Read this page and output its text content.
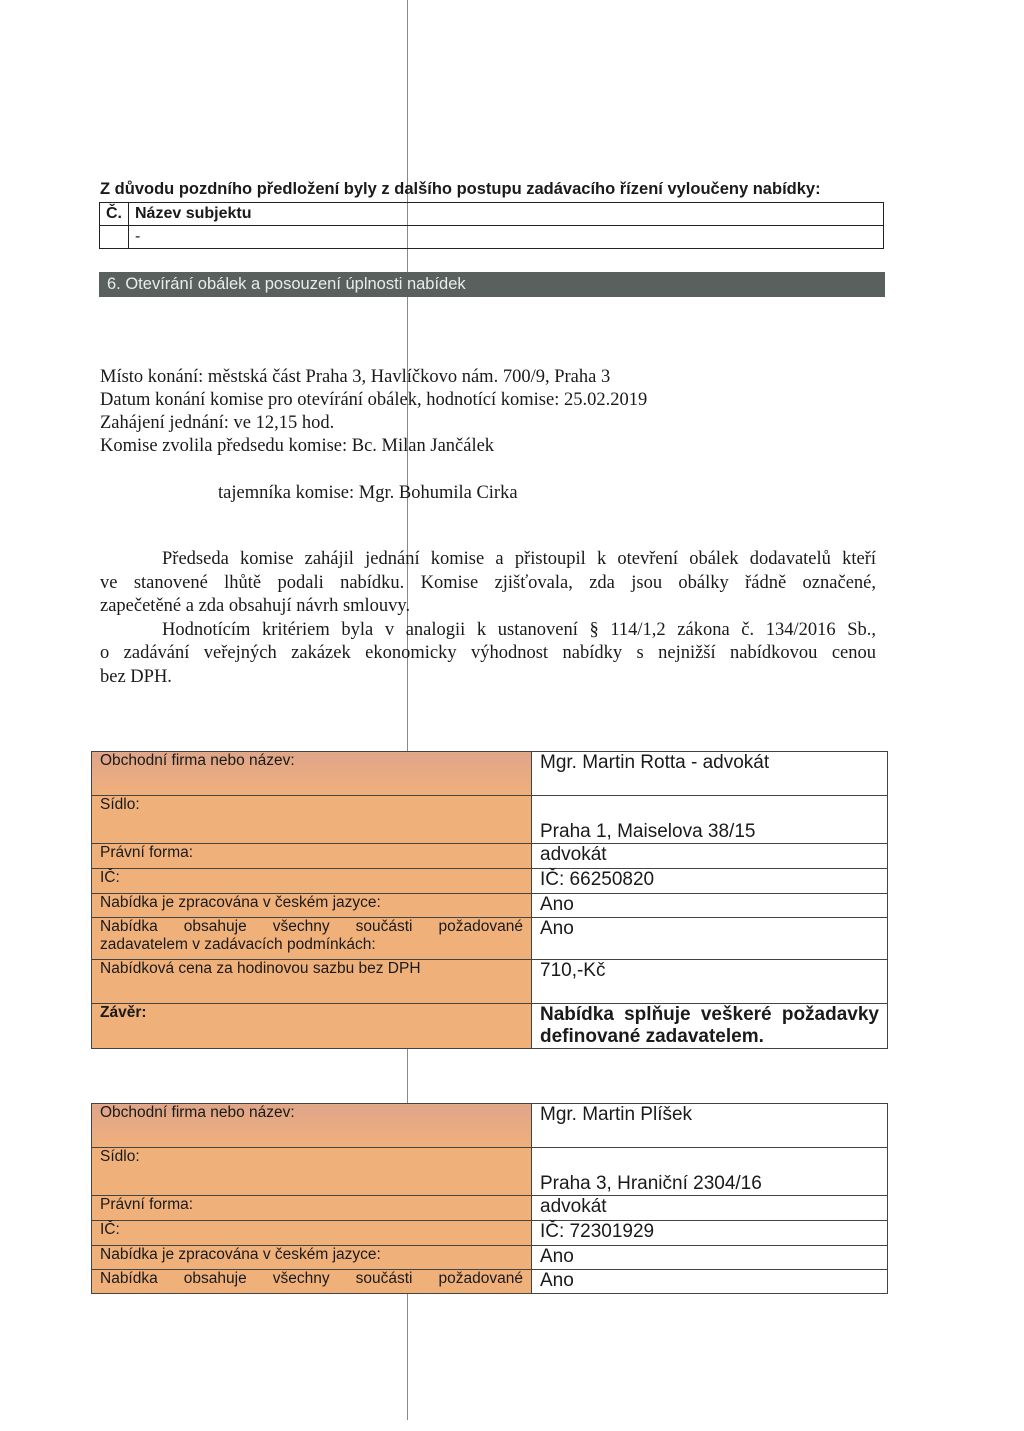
Z důvodu pozdního předložení byly z dalšího postupu zadávacího řízení vyloučeny nabídky:
Č.	Název subjektu
	-
6. Otevírání obálek a posouzení úplnosti nabídek
Místo konání: městská část Praha 3, Havlíčkovo nám. 700/9, Praha 3
Datum konání komise pro otevírání obálek, hodnotící komise: 25.02.2019
Zahájení jednání: ve 12,15 hod.
Komise zvolila předsedu komise: Bc. Milan Jančálek
tajemníka komise: Mgr. Bohumila Cirka
Předseda komise zahájil jednání komise a přistoupil k otevření obálek dodavatelů kteří
ve stanovené lhůtě podali nabídku. Komise zjišťovala, zda jsou obálky řádně označené,
zapečetěné a zda obsahují návrh smlouvy.
Hodnotícím kritériem byla v analogii k ustanovení § 114/1,2 zákona č. 134/2016 Sb.,
o zadávání veřejných zakázek ekonomicky výhodnost nabídky s nejnižší nabídkovou cenou
bez DPH.
Obchodní firma nebo název:	Mgr. Martin Rotta - advokát
Sídlo:	Praha 1, Maiselova 38/15
Právní forma:	advokát
IČ:	IČ: 66250820
Nabídka je zpracována v českém jazyce:	Ano

Nabídka obsahuje všechny součásti požadované
zadavatelem v zadávacích podmínkách:	Ano
Nabídková cena za hodinovou sazbu bez DPH	710,-Kč
Závěr:	Nabídka splňuje veškeré požadavky definované zadavatelem.
Obchodní firma nebo název:	Mgr. Martin Plíšek
Sídlo:	Praha 3, Hraniční 2304/16
Právní forma:	advokát
IČ:	IČ: 72301929
Nabídka je zpracována v českém jazyce:	Ano
Nabídka obsahuje všechny součásti požadované	Ano
